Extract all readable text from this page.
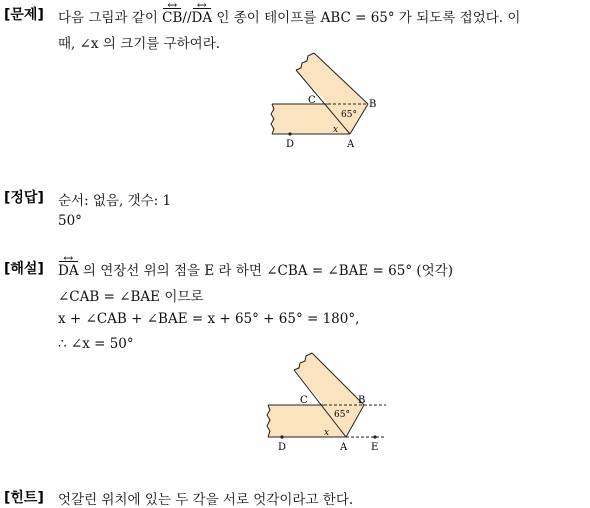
[문제] 다음 그림과 같이 CB ↔//DA ↔ 인 종이 테이프를 ABC = 65° 가 되도록 접었다. 이
때, ∠x 의 크기를 구하여라.
C	B
65°
x
D	A
[정답] 순서: 없음, 갯수: 1
50°
[해설] DA ↔ 의 연장선 위의 점을 E 라 하면 ∠CBA = ∠BAE = 65° (엇각)
∠CAB = ∠BAE 이므로
x + ∠CAB + ∠BAE = x + 65° + 65° = 180°,
∴ ∠x = 50°
C	B
65°
x
D	A E
[힌트] 엇갈린 위치에 있는 두 각을 서로 엇각이라고 한다.
